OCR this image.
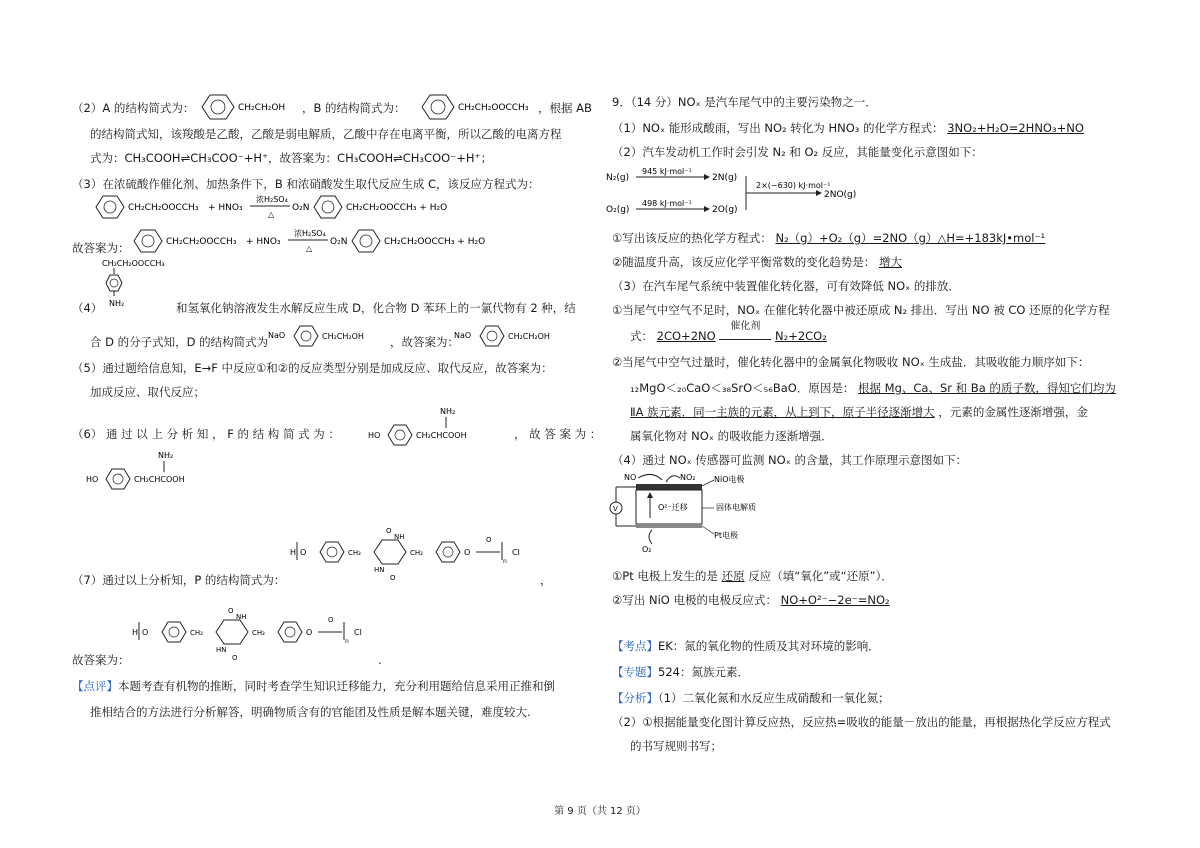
（2）A 的结构简式为：	CH₂CH₂OH ，B 的结构简式为：	CH₂CH₂OOCCH₃ ，根据 AB
的结构简式知，该羧酸是乙酸，乙酸是弱电解质，乙酸中存在电离平衡，所以乙酸的电离方程
式为：CH₃COOH⇌CH₃COO⁻+H⁺，故答案为：CH₃COOH⇌CH₃COO⁻+H⁺；
（3）在浓硫酸作催化剂、加热条件下，B 和浓硝酸发生取代反应生成 C，该反应方程式为：
CH₂CH₂OOCCH₃ + HNO₃
浓H₂SO₄
△
O₂N	CH₂CH₂OOCCH₃ + H₂O
故答案为：	CH₂CH₂OOCCH₃ + HNO₃
浓H₂SO₄
△
O₂N	CH₂CH₂OOCCH₃ + H₂O
CH₂CH₂OOCCH₃
NH₂
（4）	和氢氧化钠溶液发生水解反应生成 D，化合物 D 苯环上的一氯代物有 2 种，结
合 D 的分子式知，D 的结构简式为 NaO	CH₂CH₂OH ，故答案为：
NaO	CH₂CH₂OH
（5）通过题给信息知，E→F 中反应①和②的反应类型分别是加成反应、取代反应，故答案为：
加成反应、取代反应；
（6） 通 过 以 上 分 析 知 ， F 的 结 构 简 式 为 ：	HO
NH₂
CH₂CHCOOH	， 故 答 案 为 ：
HO
NH₂
CH₂CHCOOH
H O	CH₂
O
NH
HN
O
CH₂	O
O
n
Cl
（7）通过以上分析知，P 的结构简式为：	，
H O	CH₂
O
NH
HN
O
CH₂	O
O
n
Cl
故答案为：	.
【点评】本题考查有机物的推断，同时考查学生知识迁移能力，充分利用题给信息采用正推和倒
推相结合的方法进行分析解答，明确物质含有的官能团及性质是解本题关键，难度较大.
9．（14 分）NOₓ 是汽车尾气中的主要污染物之一．
（1）NOₓ 能形成酸雨，写出 NO₂ 转化为 HNO₃ 的化学方程式： 3NO₂+H₂O=2HNO₃+NO
（2）汽车发动机工作时会引发 N₂ 和 O₂ 反应，其能量变化示意图如下：
N₂(g)
O₂(g)
945 kJ·mol⁻¹
498 kJ·mol⁻¹
2N(g)
2O(g)
2×(−630) kJ·mol⁻¹
2NO(g)
①写出该反应的热化学方程式： N₂（g）+O₂（g）=2NO（g）△H=+183kJ•mol⁻¹
②随温度升高，该反应化学平衡常数的变化趋势是： 增大
（3）在汽车尾气系统中装置催化转化器，可有效降低 NOₓ 的排放．
①当尾气中空气不足时，NOₓ 在催化转化器中被还原成 N₂ 排出．写出 NO 被 CO 还原的化学方程
式： 2CO+2NO
催化剂
N₂+2CO₂
②当尾气中空气过量时，催化转化器中的金属氧化物吸收 NOₓ 生成盐．其吸收能力顺序如下：
₁₂MgO＜₂₀CaO＜₃₈SrO＜₅₆BaO．原因是： 根据 Mg、Ca、Sr 和 Ba 的质子数，得知它们均为
ⅡA 族元素．同一主族的元素，从上到下，原子半径逐渐增大 ，元素的金属性逐渐增强，金
属氧化物对 NOₓ 的吸收能力逐渐增强．
（4）通过 NOₓ 传感器可监测 NOₓ 的含量，其工作原理示意图如下：
NO	NO₂
O²⁻迁移
NiO电极
固体电解质
Pt电极
V
O₂
①Pt 电极上发生的是 还原 反应（填“氧化”或“还原”）．
②写出 NiO 电极的电极反应式： NO+O²⁻−2e⁻=NO₂
【考点】EK：氮的氧化物的性质及其对环境的影响．
【专题】524：氮族元素．
【分析】（1）二氧化氮和水反应生成硝酸和一氧化氮；
（2）①根据能量变化图计算反应热，反应热=吸收的能量－放出的能量，再根据热化学反应方程式
的书写规则书写；
第 9 页（共 12 页）
